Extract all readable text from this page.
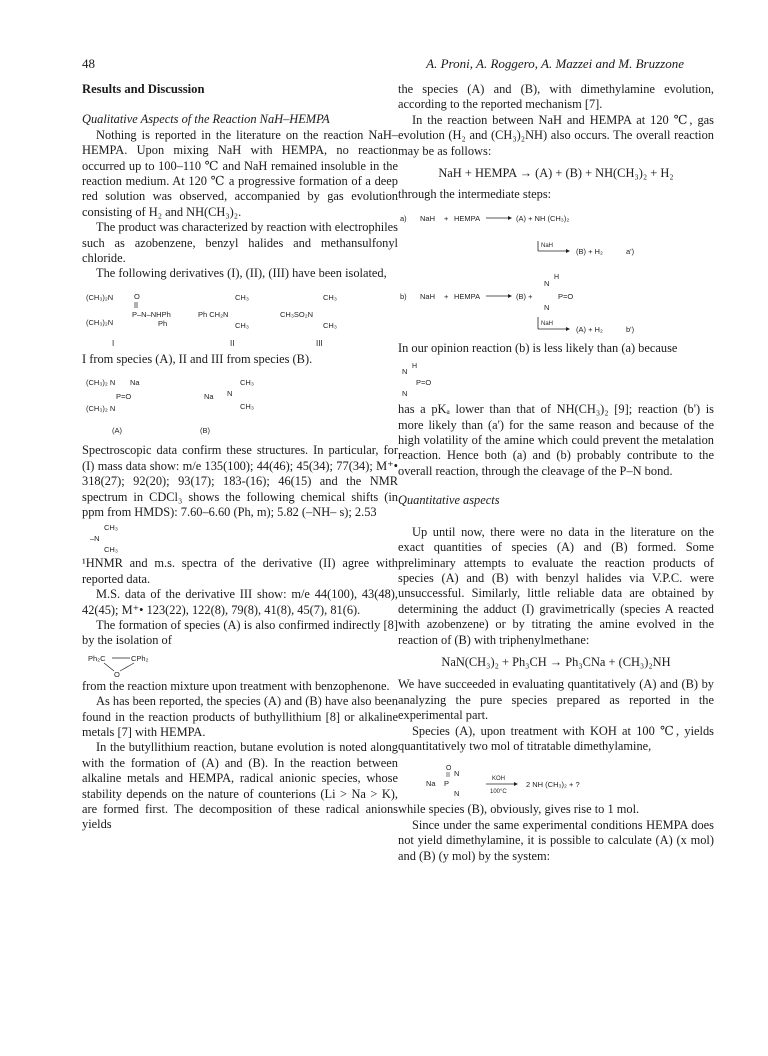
48	A. Proni, A. Roggero, A. Mazzei and M. Bruzzone

Results and Discussion

Qualitative Aspects of the Reaction NaH–HEMPA

Nothing is reported in the literature on the reaction NaH–HEMPA. Upon mixing NaH with HEMPA, no reaction occurred up to 100–110 ℃ and NaH remained insoluble in the reaction medium. At 120 ℃ a progressive formation of a deep red solution was observed, accompanied by gas evolution consisting of H₂ and NH(CH₃)₂.

The product was characterized by reaction with electrophiles such as azobenzene, benzyl halides and methansulfonyl chloride.

The following derivatives (I), (II), (III) have been isolated,

(CH₃)₂N	O
P–N–NHPh
(CH₃)₂N	Ph
CH₃
Ph CH₂N
CH₃
CH₃
CH₃SO₂N
CH₃
I	II	III

I from species (A), II and III from species (B).

(CH₃)₂ N Na
P=O
(CH₃)₂ N
CH₃
Na N
CH₃
(A)	(B)

Spectroscopic data confirm these structures. In particular, for (I) mass data show: m/e 135(100); 44(46); 45(34); 77(34); M⁺• 318(27); 92(20); 93(17); 183-(16); 46(15) and the NMR spectrum in CDCl₃ shows the following chemical shifts (in ppm from HMDS): 7.60–6.60 (Ph, m); 5.82 (–NH– s); 2.53

CH₃
–N
CH₃

¹HNMR and m.s. spectra of the derivative (II) agree with reported data.

M.S. data of the derivative III show: m/e 44(100), 43(48), 42(45); M⁺• 123(22), 122(8), 79(8), 41(8), 45(7), 81(6).

The formation of species (A) is also confirmed indirectly [8] by the isolation of

Ph₂C	CPh₂
O

from the reaction mixture upon treatment with benzophenone.

As has been reported, the species (A) and (B) have also been found in the reaction products of buthyllithium [8] or alkaline metals [7] with HEMPA.

In the butyllithium reaction, butane evolution is noted along with the formation of (A) and (B). In the reaction between alkaline metals and HEMPA, radical anionic species, whose stability depends on the nature of counterions (Li > Na > K), are formed first. The decomposition of these radical anions yields

the species (A) and (B), with dimethylamine evolution, according to the reported mechanism [7].

In the reaction between NaH and HEMPA at 120 ℃, gas evolution (H₂ and (CH₃)₂NH) also occurs. The overall reaction may be as follows:

NaH + HEMPA → (A) + (B) + NH(CH₃)₂ + H₂

through the intermediate steps:

a) NaH + HEMPA	(A) + NH (CH₃)₂
NaH
(B) + H₂	a')
b) NaH + HEMPA	(B) +
N
H
P=O
N
NaH
(A) + H₂	b')

In our opinion reaction (b) is less likely than (a) because

N
H
P=O
N

has a pKₐ lower than that of NH(CH₃)₂ [9]; reaction (b') is more likely than (a') for the same reason and because of the high volatility of the amine which could prevent the metalation reaction. Hence both (a) and (b) probably contribute to the overall reaction, through the cleavage of the P–N bond.

Quantitative aspects

Up until now, there were no data in the literature on the exact quantities of species (A) and (B) formed. Some preliminary attempts to evaluate the reaction products of species (A) and (B) with benzyl halides via V.P.C. were unsuccessful. Similarly, little reliable data are obtained by determining the adduct (I) gravimetrically (species A reacted with azobenzene) or by titrating the amine evolved in the reaction of (B) with triphenylmethane:

NaN(CH₃)₂ + Ph₃CH → Ph₃CNa + (CH₃)₂NH

We have succeeded in evaluating quantitatively (A) and (B) by analyzing the pure species prepared as reported in the experimental part.

Species (A), upon treatment with KOH at 100 ℃, yields quantitatively two mol of titratable dimethylamine,

O
Na P
N
N
KOH
100°C
2 NH (CH₃)₂ + ?

while species (B), obviously, gives rise to 1 mol.

Since under the same experimental conditions HEMPA does not yield dimethylamine, it is possible to calculate (A) (x mol) and (B) (y mol) by the system:
